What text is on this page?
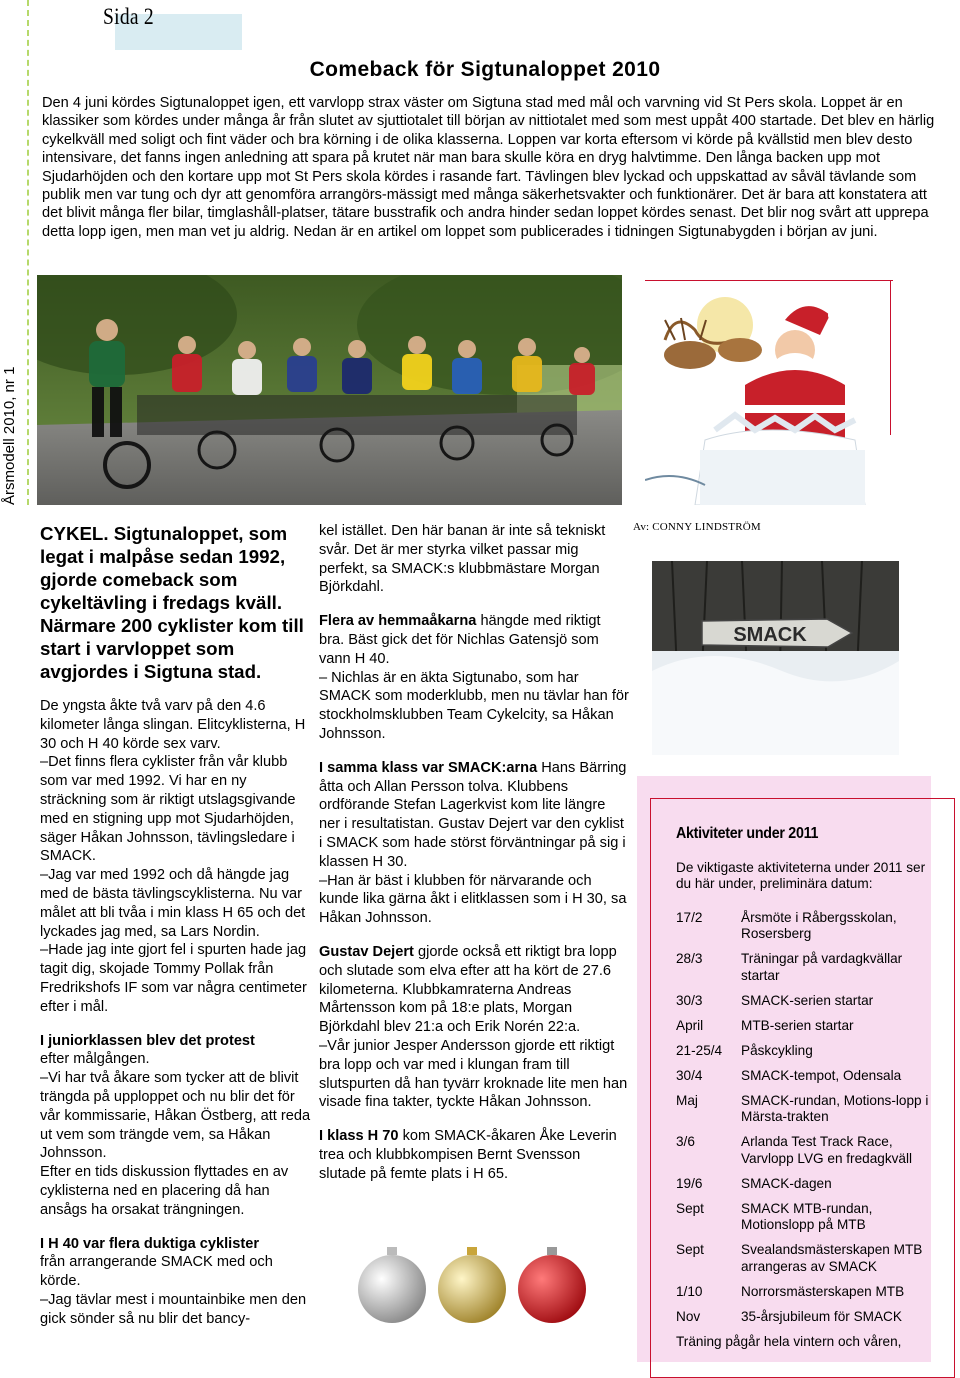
Sida 2
Årsmodell 2010, nr 1
Comeback för Sigtunaloppet 2010

Den 4 juni kördes Sigtunaloppet igen, ett varvlopp strax väster om Sigtuna stad med mål och varvning vid St Pers skola. Loppet är en klassiker som kördes under många år från slutet av sjuttiotalet till början av nittiotalet med som mest uppåt 400 startade. Det blev en härlig cykelkväll med soligt och fint väder och bra körning i de olika klasserna. Loppen var korta eftersom vi körde på kvällstid men blev desto intensivare, det fanns ingen anledning att spara på krutet när man bara skulle köra en dryg halvtimme. Den långa backen upp mot Sjudarhöjden och den kortare upp mot St Pers skola kördes i rasande fart. Tävlingen blev lyckad och uppskattad av såväl tävlande som publik men var tung och dyr att genomföra arrangörs-mässigt med många säkerhetsvakter och funktionärer. Det är bara att konstatera att det blivit många fler bilar, timglashåll-platser, tätare busstrafik och andra hinder sedan loppet kördes senast. Det blir nog svårt att upprepa detta lopp igen, men man vet ju aldrig. Nedan är en artikel om loppet som publicerades i tidningen Sigtunabygden i början av juni.

CYKEL. Sigtunaloppet, som legat i malpåse sedan 1992, gjorde comeback som cykeltävling i fredags kväll. Närmare 200 cyklister kom till start i varvloppet som avgjordes i Sigtuna stad.

De yngsta åkte två varv på den 4.6 kilometer långa slingan. Elitcyklisterna, H 30 och H 40 körde sex varv.

–Det finns flera cyklister från vår klubb som var med 1992. Vi har en ny sträckning som är riktigt utslagsgivande med en stigning upp mot Sjudarhöjden, säger Håkan Johnsson, tävlingsledare i SMACK.

–Jag var med 1992 och då hängde jag med de bästa tävlingscyklisterna. Nu var målet att bli tvåa i min klass H 65 och det lyckades jag med, sa Lars Nordin.

–Hade jag inte gjort fel i spurten hade jag tagit dig, skojade Tommy Pollak från Fredrikshofs IF som var några centimeter efter i mål.

I juniorklassen blev det protest

efter målgången.

–Vi har två åkare som tycker att de blivit trängda på upploppet och nu blir det för vår kommissarie, Håkan Östberg, att reda ut vem som trängde vem, sa Håkan Johnsson.

Efter en tids diskussion flyttades en av cyklisterna ned en placering då han ansågs ha orsakat trängningen.

I H 40 var flera duktiga cyklister

från arrangerande SMACK med och körde.

–Jag tävlar mest i mountainbike men den gick sönder så nu blir det bancy-

kel istället. Den här banan är inte så tekniskt svår. Det är mer styrka vilket passar mig perfekt, sa SMACK:s klubbmästare Morgan Björkdahl.

Flera av hemmaåkarna hängde med riktigt bra. Bäst gick det för Nichlas Gatensjö som vann H 40.

– Nichlas är en äkta Sigtunabo, som har SMACK som moderklubb, men nu tävlar han för stockholmsklubben Team Cykelcity, sa Håkan Johnsson.

I samma klass var SMACK:arna Hans Bärring åtta och Allan Persson tolva. Klubbens ordförande Stefan Lagerkvist kom lite längre ner i resultatistan. Gustav Dejert var den cyklist i SMACK som hade störst förväntningar på sig i klassen H 30.

–Han är bäst i klubben för närvarande och kunde lika gärna åkt i elitklassen som i H 30, sa Håkan Johnsson.

Gustav Dejert gjorde också ett riktigt bra lopp och slutade som elva efter att ha kört de 27.6 kilometerna. Klubbkamraterna Andreas Mårtensson kom på 18:e plats, Morgan Björkdahl blev 21:a och Erik Norén 22:a.

–Vår junior Jesper Andersson gjorde ett riktigt bra lopp och var med i klungan fram till slutspurten då han tyvärr kroknade lite men han visade fina takter, tyckte Håkan Johnsson.

I klass H 70 kom SMACK-åkaren Åke Leverin trea och klubbkompisen Bernt Svensson slutade på femte plats i H 65.

Av: CONNY LINDSTRÖM
SMACK
Aktiviteter under 2011
De viktigaste aktiviteterna under 2011 ser du här under, preliminära datum:
17/2	Årsmöte i Råbergsskolan, Rosersberg
28/3	Träningar på vardagkvällar startar
30/3	SMACK-serien startar
April	MTB-serien startar
21-25/4	Påskcykling
30/4	SMACK-tempot, Odensala
Maj	SMACK-rundan, Motions-lopp i Märsta-trakten
3/6	Arlanda Test Track Race, Varvlopp LVG en fredagkväll
19/6	SMACK-dagen
Sept	SMACK MTB-rundan, Motionslopp på MTB
Sept	Svealandsmästerskapen MTB arrangeras av SMACK
1/10	Norrorsmästerskapen MTB
Nov	35-årsjubileum för SMACK
Träning pågår hela vintern och våren,
